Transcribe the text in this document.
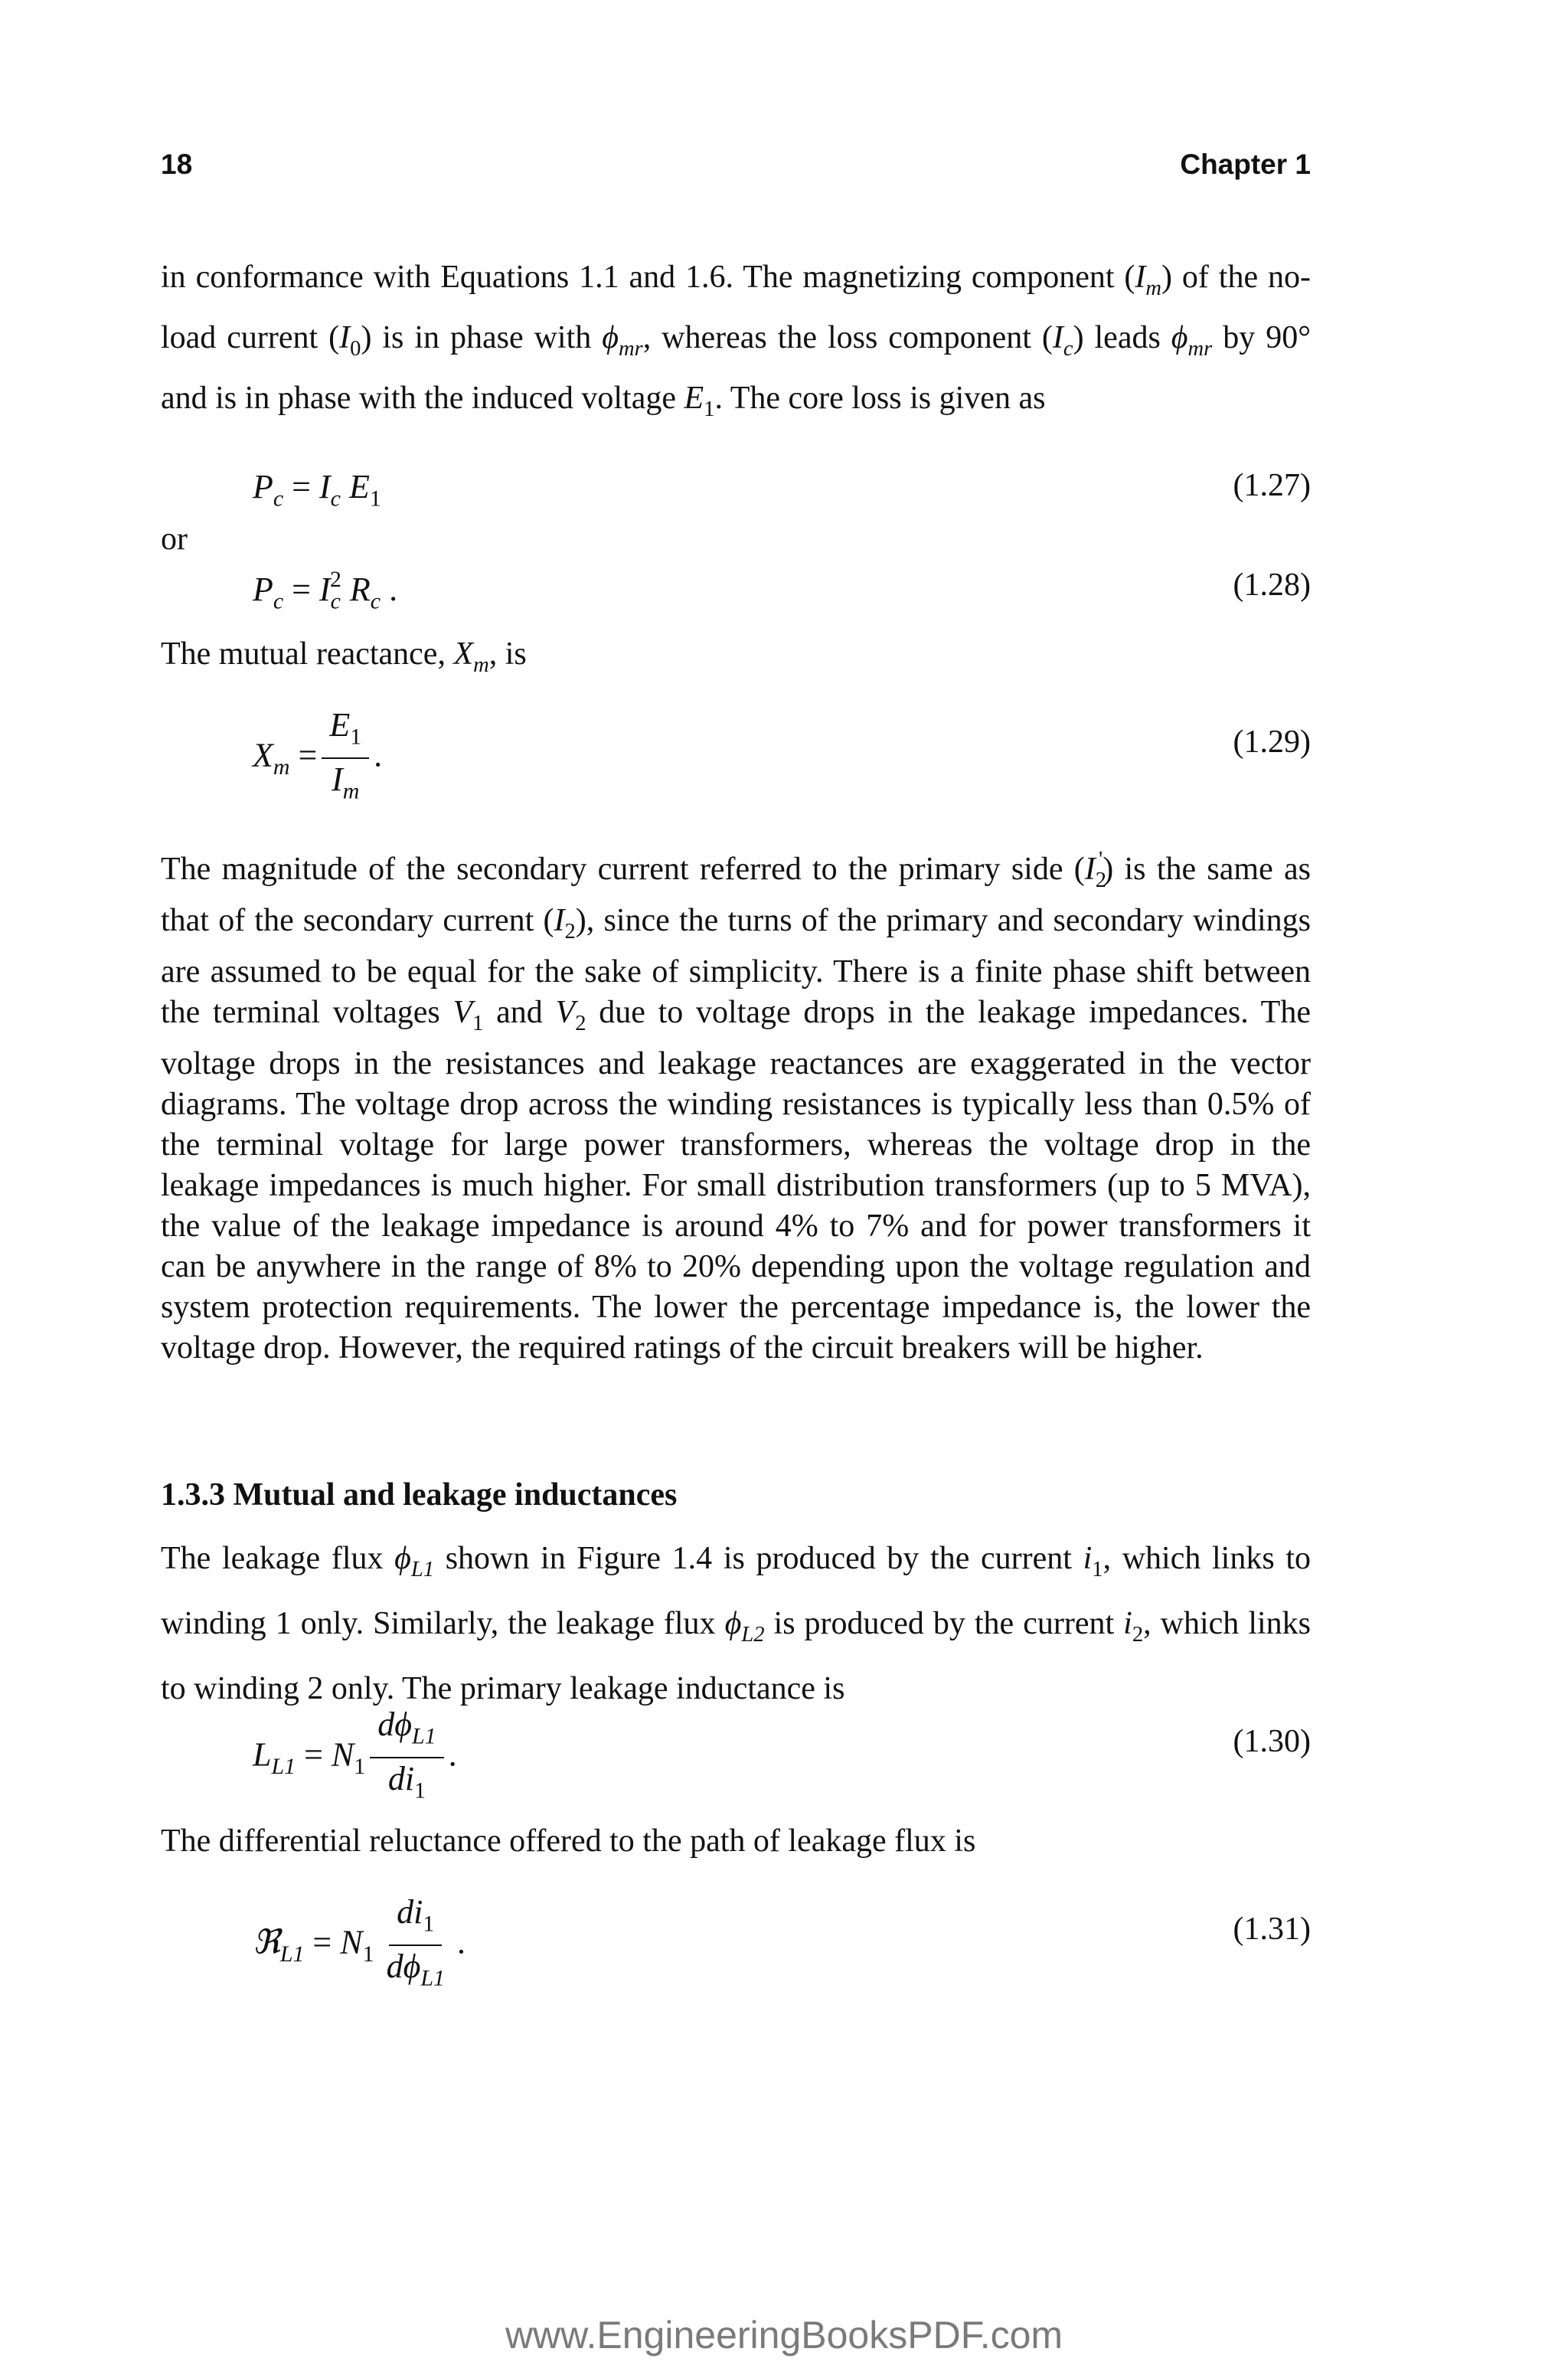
18	Chapter 1
in conformance with Equations 1.1 and 1.6. The magnetizing component $(I_m)$ of the no-load current $(I_0)$ is in phase with $\phi_{mr}$, whereas the loss component $(I_c)$ leads $\phi_{mr}$ by 90° and is in phase with the induced voltage $E_1$. The core loss is given as
$P_c = I_c$ $E_1$	(1.27)
or
$P_c = I_c^2$ $R_c$ .	(1.28)
The mutual reactance, $X_m$, is
$X_m = \frac{E_1}{I_m}$ .	(1.29)
The magnitude of the secondary current referred to the primary side $(I_2')$ is the same as that of the secondary current $(I_2)$, since the turns of the primary and secondary windings are assumed to be equal for the sake of simplicity. There is a finite phase shift between the terminal voltages $V_1$ and $V_2$ due to voltage drops in the leakage impedances. The voltage drops in the resistances and leakage reactances are exaggerated in the vector diagrams. The voltage drop across the winding resistances is typically less than 0.5% of the terminal voltage for large power transformers, whereas the voltage drop in the leakage impedances is much higher. For small distribution transformers (up to 5 MVA), the value of the leakage impedance is around 4% to 7% and for power transformers it can be anywhere in the range of 8% to 20% depending upon the voltage regulation and system protection requirements. The lower the percentage impedance is, the lower the voltage drop. However, the required ratings of the circuit breakers will be higher.
1.3.3 Mutual and leakage inductances
The leakage flux $\phi_{L1}$ shown in Figure 1.4 is produced by the current $i_1$, which links to winding 1 only. Similarly, the leakage flux $\phi_{L2}$ is produced by the current $i_2$, which links to winding 2 only. The primary leakage inductance is
$L_{L1} = N_1 \frac{d\phi_{L1}}{di_1}$ .	(1.30)
The differential reluctance offered to the path of leakage flux is
ℜ$_{L1}$ = $N_1 \frac{di_1}{d\phi_{L1}}$ .	(1.31)
www.EngineeringBooksPDF.com
